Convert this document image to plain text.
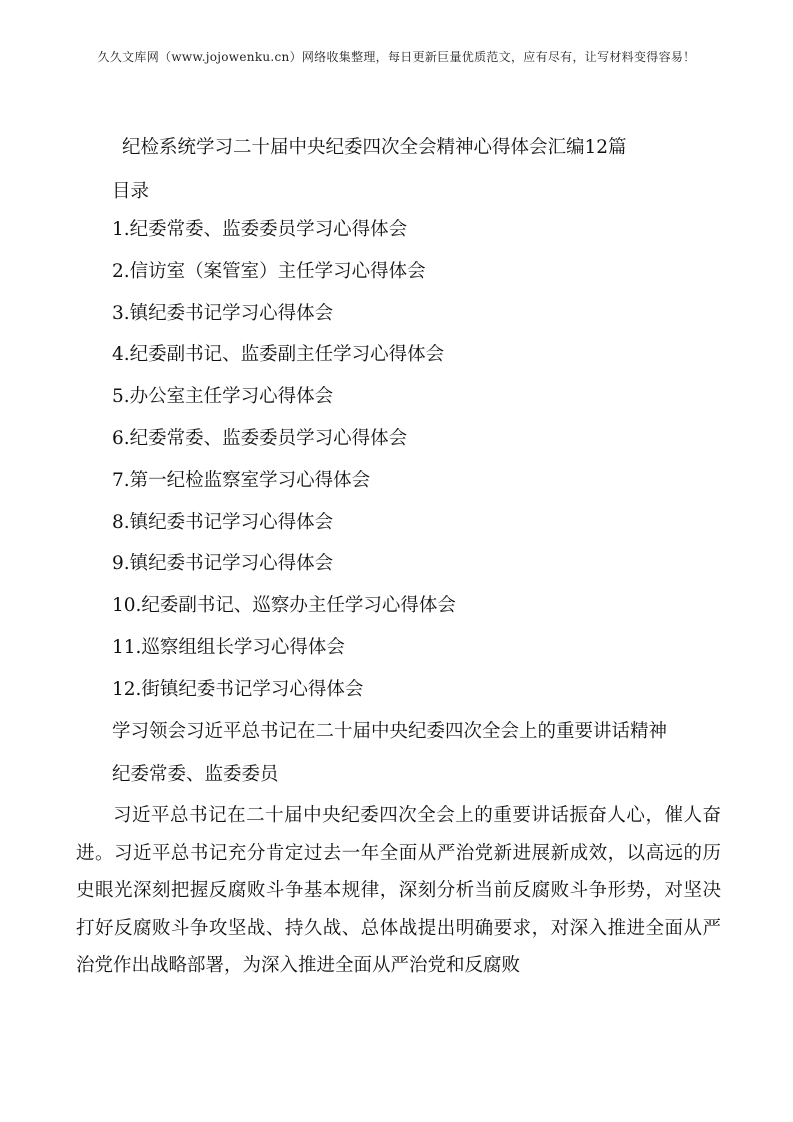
久久文库网（www.jojowenku.cn）网络收集整理，每日更新巨量优质范文，应有尽有，让写材料变得容易！
纪检系统学习二十届中央纪委四次全会精神心得体会汇编12篇
目录
1.纪委常委、监委委员学习心得体会
2.信访室（案管室）主任学习心得体会
3.镇纪委书记学习心得体会
4.纪委副书记、监委副主任学习心得体会
5.办公室主任学习心得体会
6.纪委常委、监委委员学习心得体会
7.第一纪检监察室学习心得体会
8.镇纪委书记学习心得体会
9.镇纪委书记学习心得体会
10.纪委副书记、巡察办主任学习心得体会
11.巡察组组长学习心得体会
12.街镇纪委书记学习心得体会
学习领会习近平总书记在二十届中央纪委四次全会上的重要讲话精神
纪委常委、监委委员

习近平总书记在二十届中央纪委四次全会上的重要讲话振奋人心，催人奋进。习近平总书记充分肯定过去一年全面从严治党新进展新成效，以高远的历史眼光深刻把握反腐败斗争基本规律，深刻分析当前反腐败斗争形势，对坚决打好反腐败斗争攻坚战、持久战、总体战提出明确要求，对深入推进全面从严治党作出战略部署，为深入推进全面从严治党和反腐败
